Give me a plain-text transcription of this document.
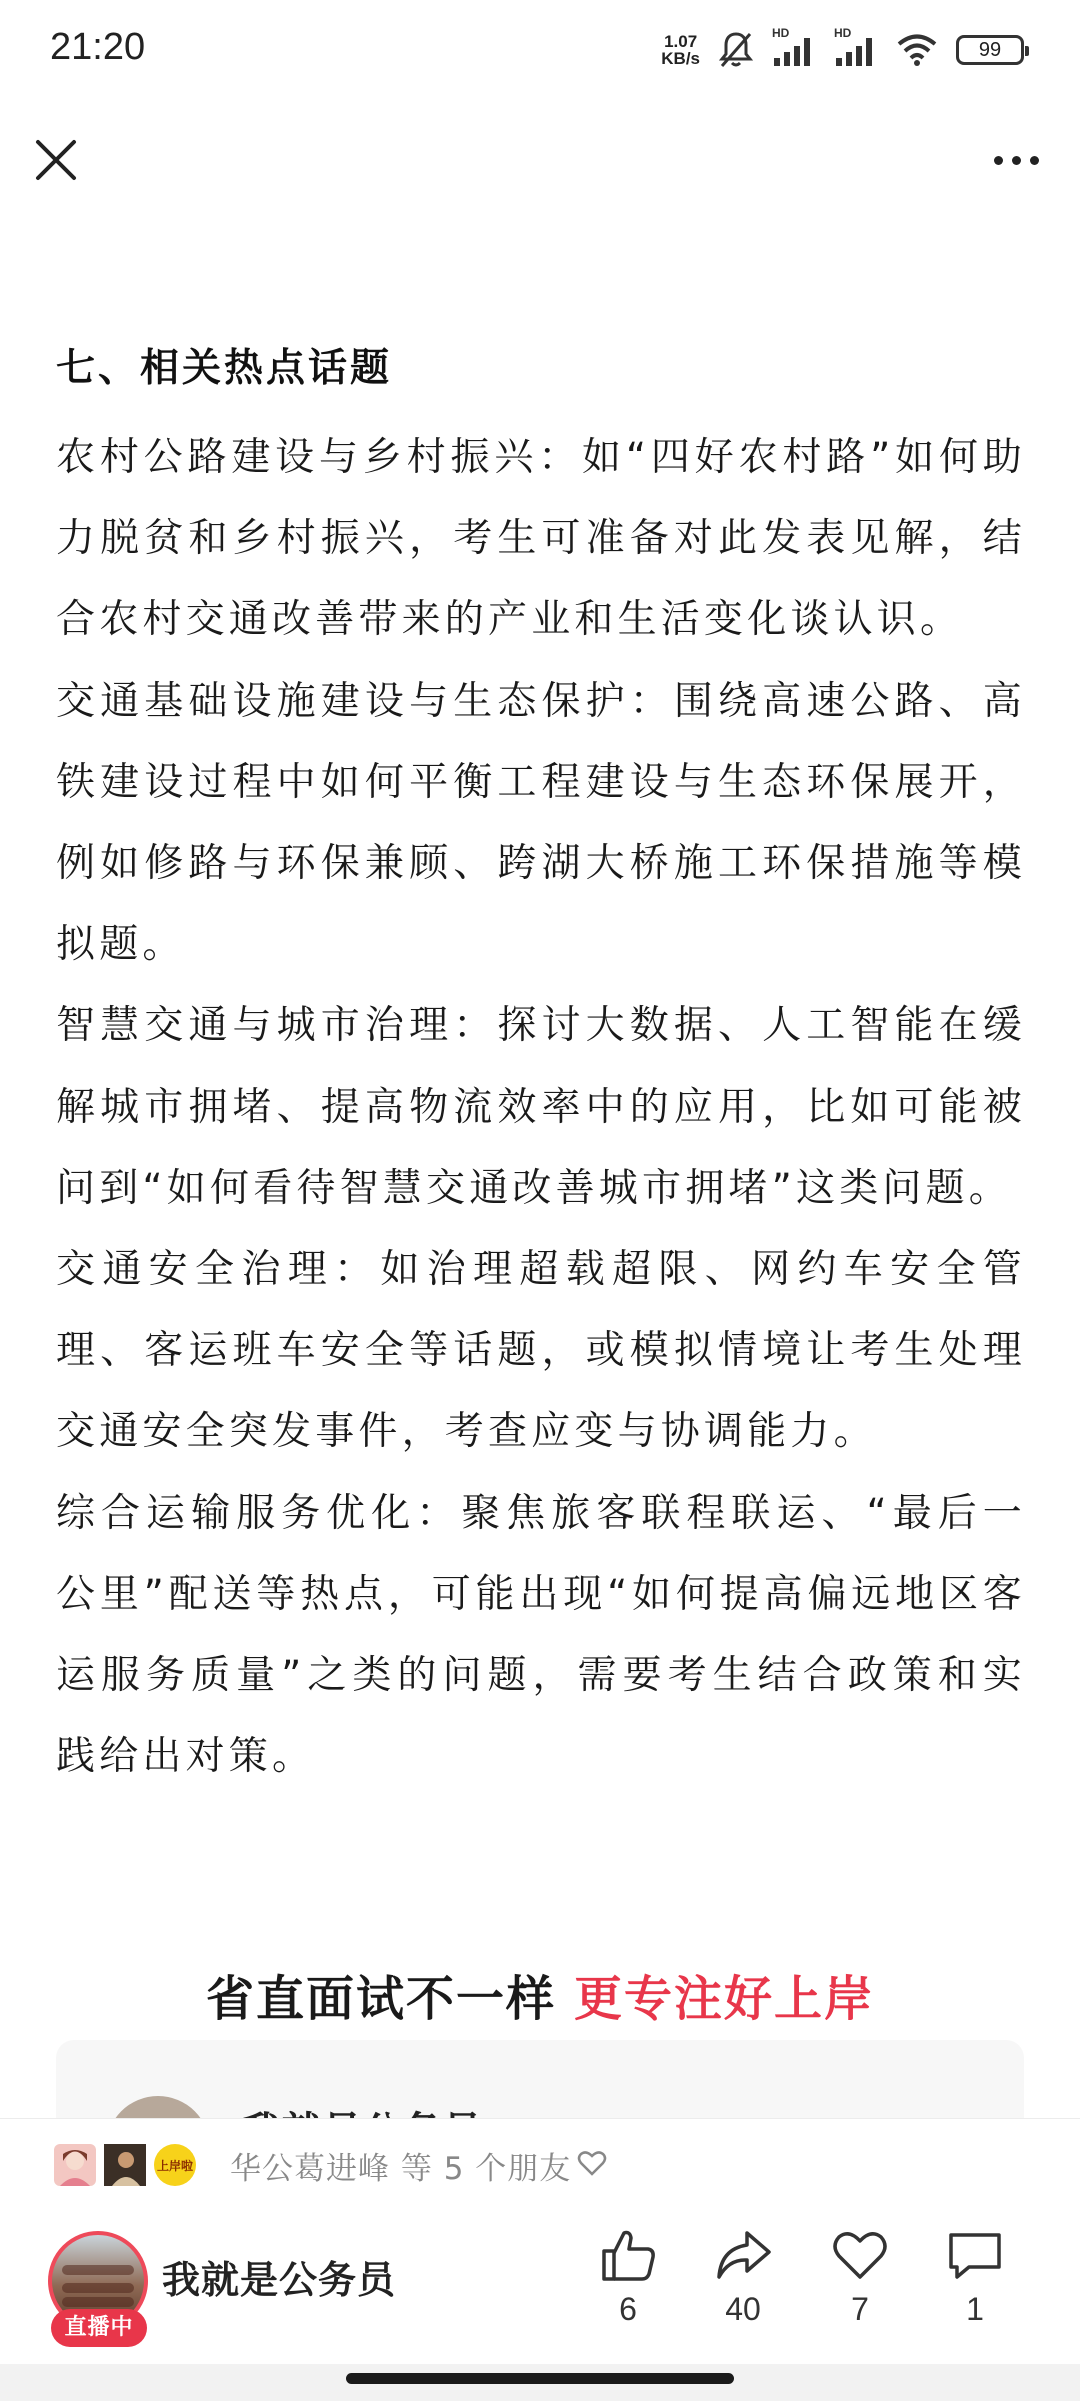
21:20	1.07
KB/s
HD	HD
99

七、相关热点话题

农村公路建设与乡村振兴：如“四好农村路”如何助力脱贫和乡村振兴，考生可准备对此发表见解，结合农村交通改善带来的产业和生活变化谈认识。

交通基础设施建设与生态保护：围绕高速公路、高铁建设过程中如何平衡工程建设与生态环保展开，例如修路与环保兼顾、跨湖大桥施工环保措施等模拟题。

智慧交通与城市治理：探讨大数据、人工智能在缓解城市拥堵、提高物流效率中的应用，比如可能被问到“如何看待智慧交通改善城市拥堵”这类问题。

交通安全治理：如治理超载超限、网约车安全管理、客运班车安全等话题，或模拟情境让考生处理交通安全突发事件，考查应变与协调能力。

综合运输服务优化：聚焦旅客联程联运、“最后一公里”配送等热点，可能出现“如何提高偏远地区客运服务质量”之类的问题，需要考生结合政策和实践给出对策。

省直面试不一样 更专注好上岸
上岸啦 华公葛进峰 等 5 个朋友
直播中
我就是公务员
6	40	7	1
